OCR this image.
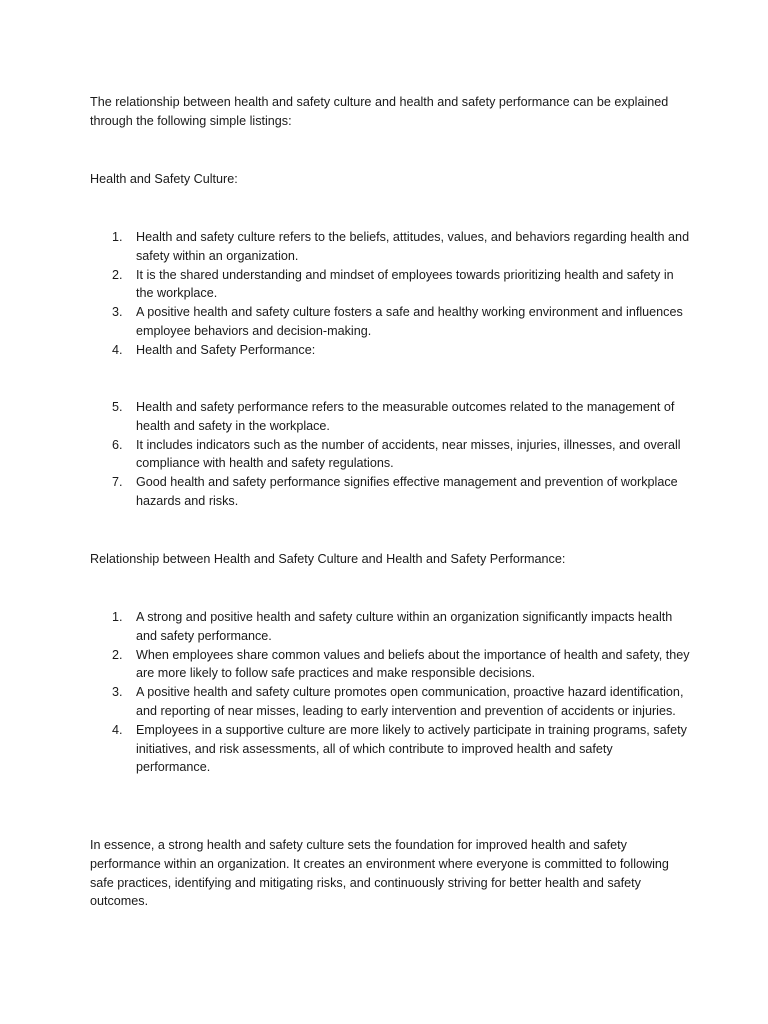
The relationship between health and safety culture and health and safety performance can be explained through the following simple listings:

Health and Safety Culture:

1.	Health and safety culture refers to the beliefs, attitudes, values, and behaviors regarding health and safety within an organization.
2.	It is the shared understanding and mindset of employees towards prioritizing health and safety in the workplace.
3.	A positive health and safety culture fosters a safe and healthy working environment and influences employee behaviors and decision-making.
4.	Health and Safety Performance:
5.	Health and safety performance refers to the measurable outcomes related to the management of health and safety in the workplace.
6.	It includes indicators such as the number of accidents, near misses, injuries, illnesses, and overall compliance with health and safety regulations.
7.	Good health and safety performance signifies effective management and prevention of workplace hazards and risks.

Relationship between Health and Safety Culture and Health and Safety Performance:

1.	A strong and positive health and safety culture within an organization significantly impacts health and safety performance.
2.	When employees share common values and beliefs about the importance of health and safety, they are more likely to follow safe practices and make responsible decisions.
3.	A positive health and safety culture promotes open communication, proactive hazard identification, and reporting of near misses, leading to early intervention and prevention of accidents or injuries.
4.	Employees in a supportive culture are more likely to actively participate in training programs, safety initiatives, and risk assessments, all of which contribute to improved health and safety performance.

In essence, a strong health and safety culture sets the foundation for improved health and safety performance within an organization. It creates an environment where everyone is committed to following safe practices, identifying and mitigating risks, and continuously striving for better health and safety outcomes.
